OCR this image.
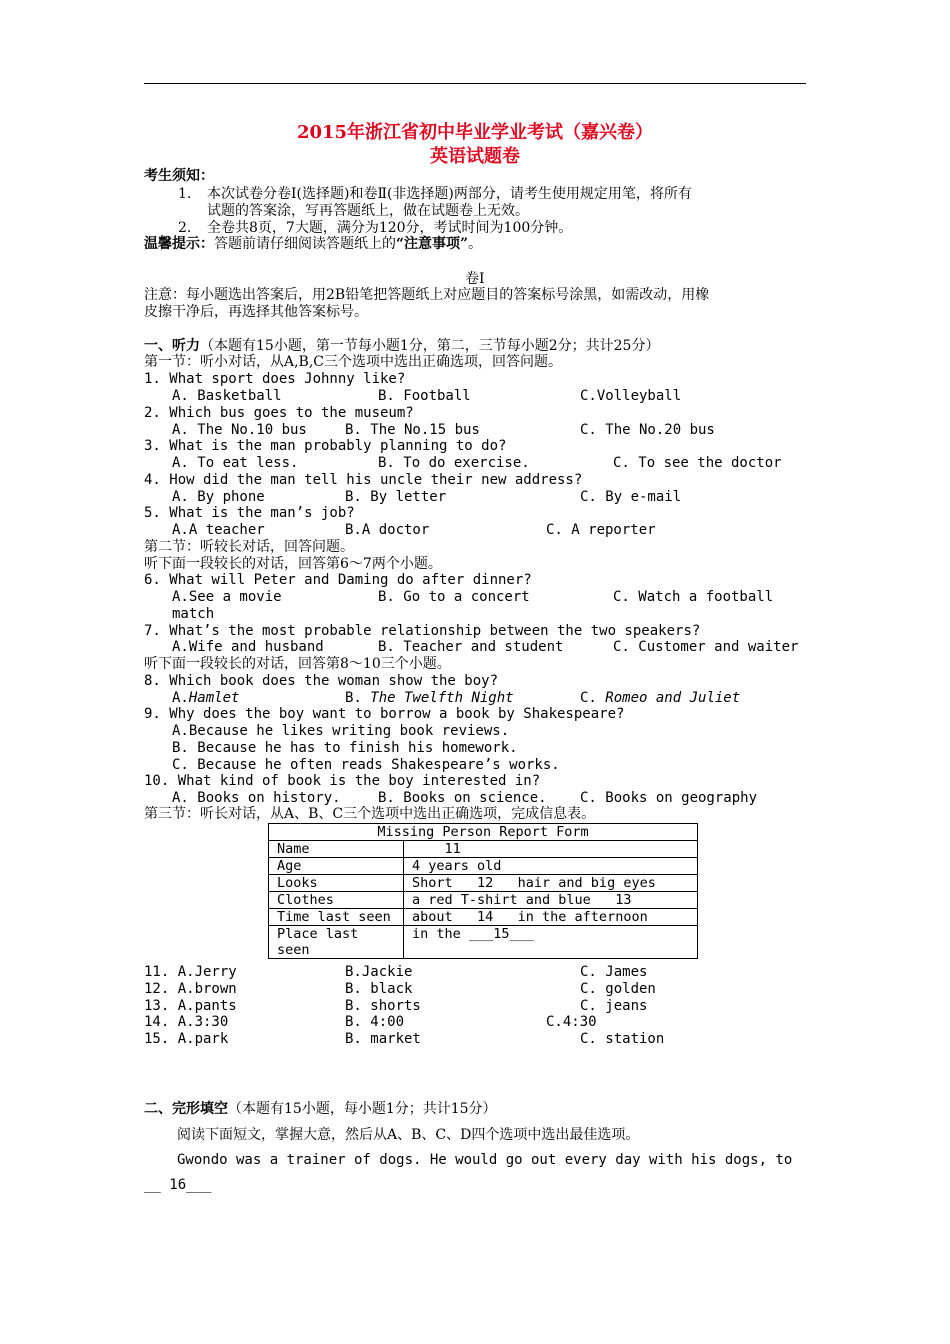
2015年浙江省初中毕业学业考试（嘉兴卷）
英语试题卷
考生须知：
1. 本次试卷分卷Ⅰ(选择题)和卷Ⅱ(非选择题)两部分，请考生使用规定用笔，将所有
试题的答案涂，写再答题纸上，做在试题卷上无效。
2. 全卷共8页，7大题，满分为120分，考试时间为100分钟。
温馨提示：答题前请仔细阅读答题纸上的“注意事项”。
卷Ⅰ
注意：每小题选出答案后，用2B铅笔把答题纸上对应题目的答案标号涂黑，如需改动，用橡
皮擦干净后，再选择其他答案标号。
一、听力（本题有15小题，第一节每小题1分，第二，三节每小题2分；共计25分）
第一节：听小对话，从A,B,C三个选项中选出正确选项，回答问题。
1. What sport does Johnny like?
A. Basketball	B. Football	C.Volleyball
2. Which bus goes to the museum?
A. The No.10 bus	B. The No.15 bus	C. The No.20 bus
3. What is the man probably planning to do?
A. To eat less.	B. To do exercise.	C. To see the doctor
4. How did the man tell his uncle their new address?
A. By phone	B. By letter	C. By e-mail
5. What is the man’s job?
A.A teacher	B.A doctor	C. A reporter
第二节：听较长对话，回答问题。
听下面一段较长的对话，回答第6～7两个小题。
6. What will Peter and Daming do after dinner?
A.See a movie	B. Go to a concert	C. Watch a football
match
7. What’s the most probable relationship between the two speakers?
A.Wife and husband	B. Teacher and student	C. Customer and waiter
听下面一段较长的对话，回答第8～10三个小题。
8. Which book does the woman show the boy?
A.Hamlet	B. The Twelfth Night	C. Romeo and Juliet
9. Why does the boy want to borrow a book by Shakespeare?
A.Because he likes writing book reviews.
B. Because he has to finish his homework.
C. Because he often reads Shakespeare’s works.
10. What kind of book is the boy interested in?
A. Books on history.	B. Books on science. C. Books on geography
第三节：听长对话，从A、B、C三个选项中选出正确选项，完成信息表。
Missing Person Report Form	
Name	11
Age	4 years old
Looks	Short   12   hair and big eyes
Clothes	a red T-shirt and blue   13
Time last seen	about   14   in the afternoon
Place last
seen	in the ___15___
11. A.Jerry	B.Jackie	C. James
12. A.brown	B. black	C. golden
13. A.pants	B. shorts	C. jeans
14. A.3:30	B. 4:00	C.4:30
15. A.park	B. market	C. station
二、完形填空（本题有15小题，每小题1分；共计15分）
阅读下面短文，掌握大意，然后从A、B、C、D四个选项中选出最佳选项。
Gwondo was a trainer of dogs. He would go out every day with his dogs, to
__ 16___
